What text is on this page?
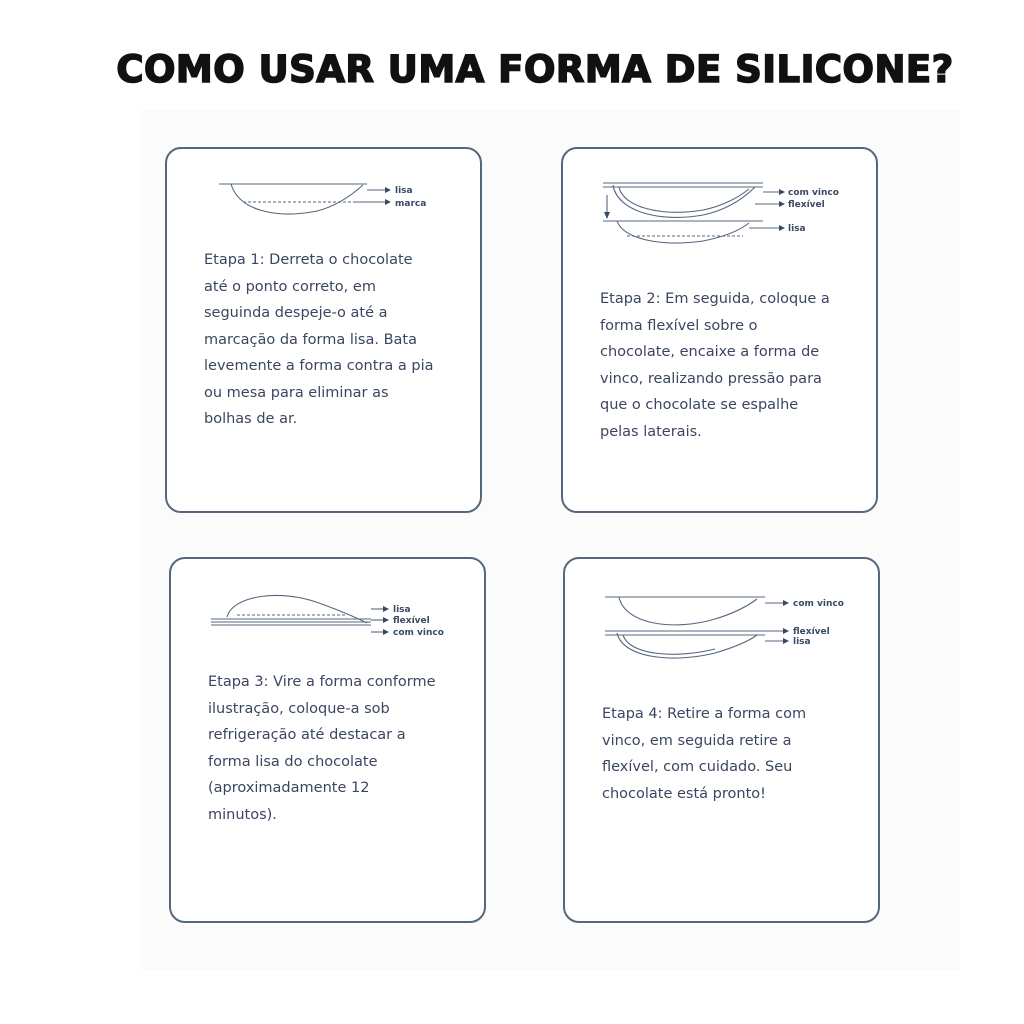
COMO USAR UMA FORMA DE SILICONE?
lisa
marca
Etapa 1: Derreta o chocolate
até o ponto correto, em
seguinda despeje-o até a
marcação da forma lisa. Bata
levemente a forma contra a pia
ou mesa para eliminar as
bolhas de ar.
com vinco
flexível
lisa
Etapa 2: Em seguida, coloque a
forma flexível sobre o
chocolate, encaixe a forma de
vinco, realizando pressão para
que o chocolate se espalhe
pelas laterais.
lisa
flexível
com vinco
Etapa 3: Vire a forma conforme
ilustração, coloque-a sob
refrigeração até destacar a
forma lisa do chocolate
(aproximadamente 12
minutos).
com vinco
flexível
lisa
Etapa 4: Retire a forma com
vinco, em seguida retire a
flexível, com cuidado. Seu
chocolate está pronto!
